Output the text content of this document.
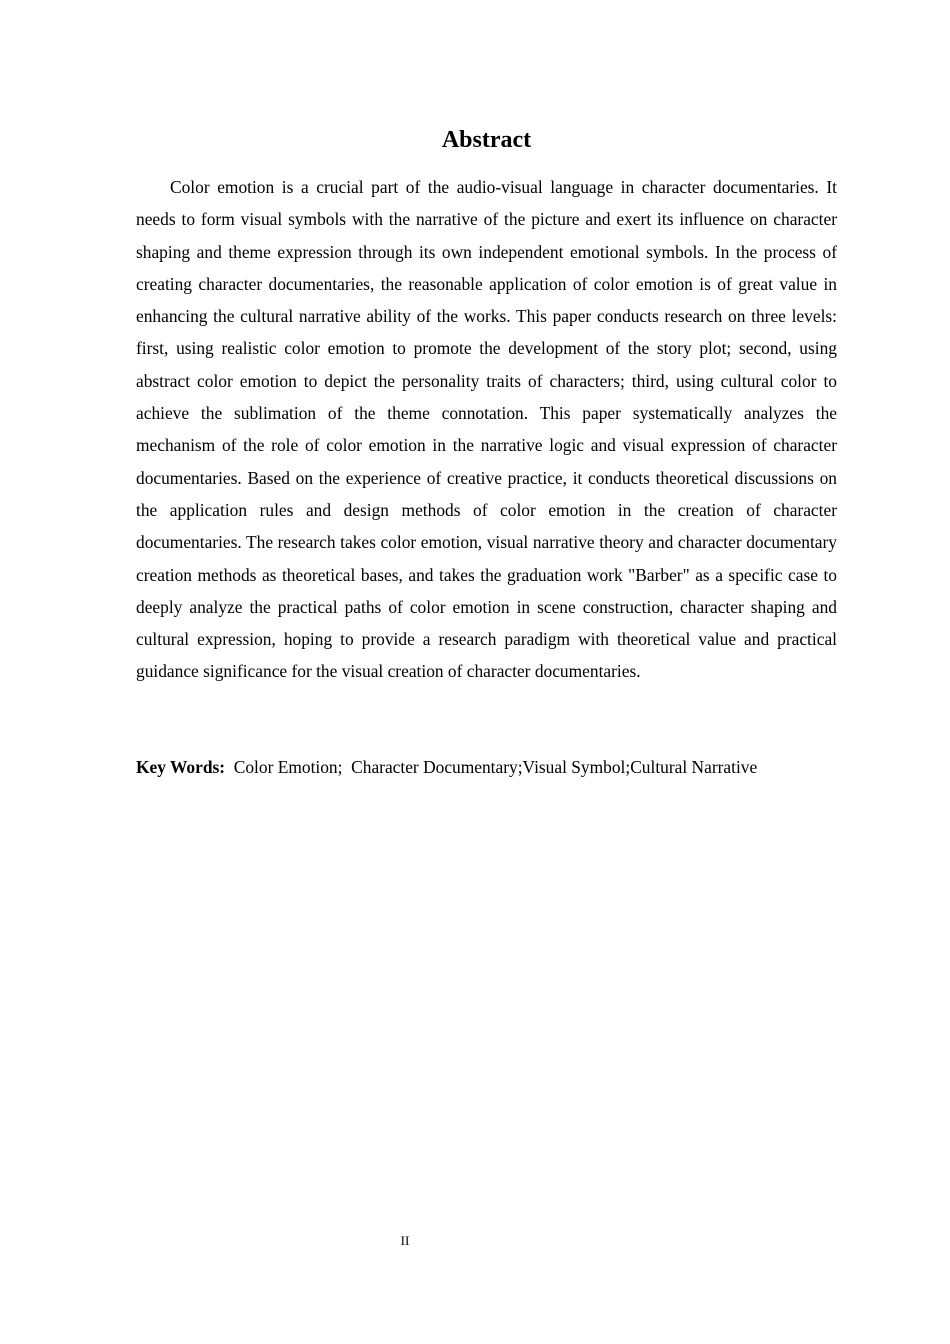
Abstract

Color emotion is a crucial part of the audio-visual language in character documentaries. It needs to form visual symbols with the narrative of the picture and exert its influence on character shaping and theme expression through its own independent emotional symbols. In the process of creating character documentaries, the reasonable application of color emotion is of great value in enhancing the cultural narrative ability of the works. This paper conducts research on three levels: first, using realistic color emotion to promote the development of the story plot; second, using abstract color emotion to depict the personality traits of characters; third, using cultural color to achieve the sublimation of the theme connotation. This paper systematically analyzes the mechanism of the role of color emotion in the narrative logic and visual expression of character documentaries. Based on the experience of creative practice, it conducts theoretical discussions on the application rules and design methods of color emotion in the creation of character documentaries. The research takes color emotion, visual narrative theory and character documentary creation methods as theoretical bases, and takes the graduation work "Barber" as a specific case to deeply analyze the practical paths of color emotion in scene construction, character shaping and cultural expression, hoping to provide a research paradigm with theoretical value and practical guidance significance for the visual creation of character documentaries.

Key Words:  Color Emotion;  Character Documentary;Visual Symbol;Cultural Narrative
II
